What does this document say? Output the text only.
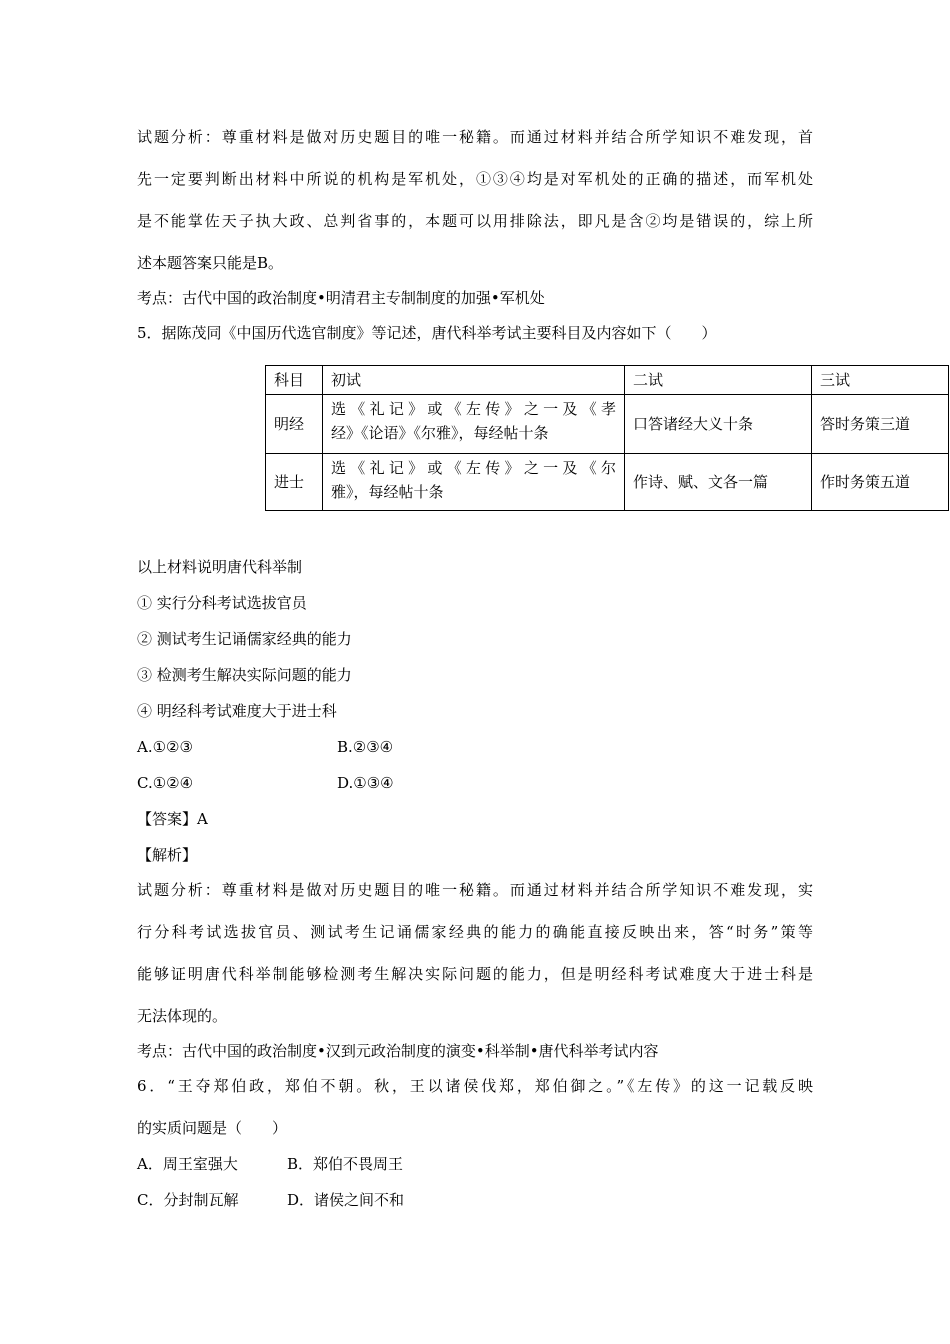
试题分析：尊重材料是做对历史题目的唯一秘籍。而通过材料并结合所学知识不难发现，首
先一定要判断出材料中所说的机构是军机处，①③④均是对军机处的正确的描述，而军机处
是不能掌佐天子执大政、总判省事的，本题可以用排除法，即凡是含②均是错误的，综上所
述本题答案只能是B。
考点：古代中国的政治制度•明清君主专制制度的加强•军机处
5．据陈茂同《中国历代选官制度》等记述，唐代科举考试主要科目及内容如下（　　）
科目	初试	二试	三试
明经	选《礼记》或《左传》之一及《孝
经》《论语》《尔雅》，每经帖十条	口答诸经大义十条	答时务策三道
进士	选《礼记》或《左传》之一及《尔
雅》，每经帖十条	作诗、赋、文各一篇	作时务策五道
以上材料说明唐代科举制
① 实行分科考试选拔官员
② 测试考生记诵儒家经典的能力
③ 检测考生解决实际问题的能力
④ 明经科考试难度大于进士科
A.①②③	B.②③④
C.①②④	D.①③④
【答案】A
【解析】
试题分析：尊重材料是做对历史题目的唯一秘籍。而通过材料并结合所学知识不难发现，实
行分科考试选拔官员、测试考生记诵儒家经典的能力的确能直接反映出来，答“时务”策等
能够证明唐代科举制能够检测考生解决实际问题的能力，但是明经科考试难度大于进士科是
无法体现的。
考点：古代中国的政治制度•汉到元政治制度的演变•科举制•唐代科举考试内容
6．“王夺郑伯政，郑伯不朝。秋，王以诸侯伐郑，郑伯御之。”《左传》的这一记载反映
的实质问题是（　　）
A．周王室强大	B．郑伯不畏周王
C．分封制瓦解	D．诸侯之间不和
